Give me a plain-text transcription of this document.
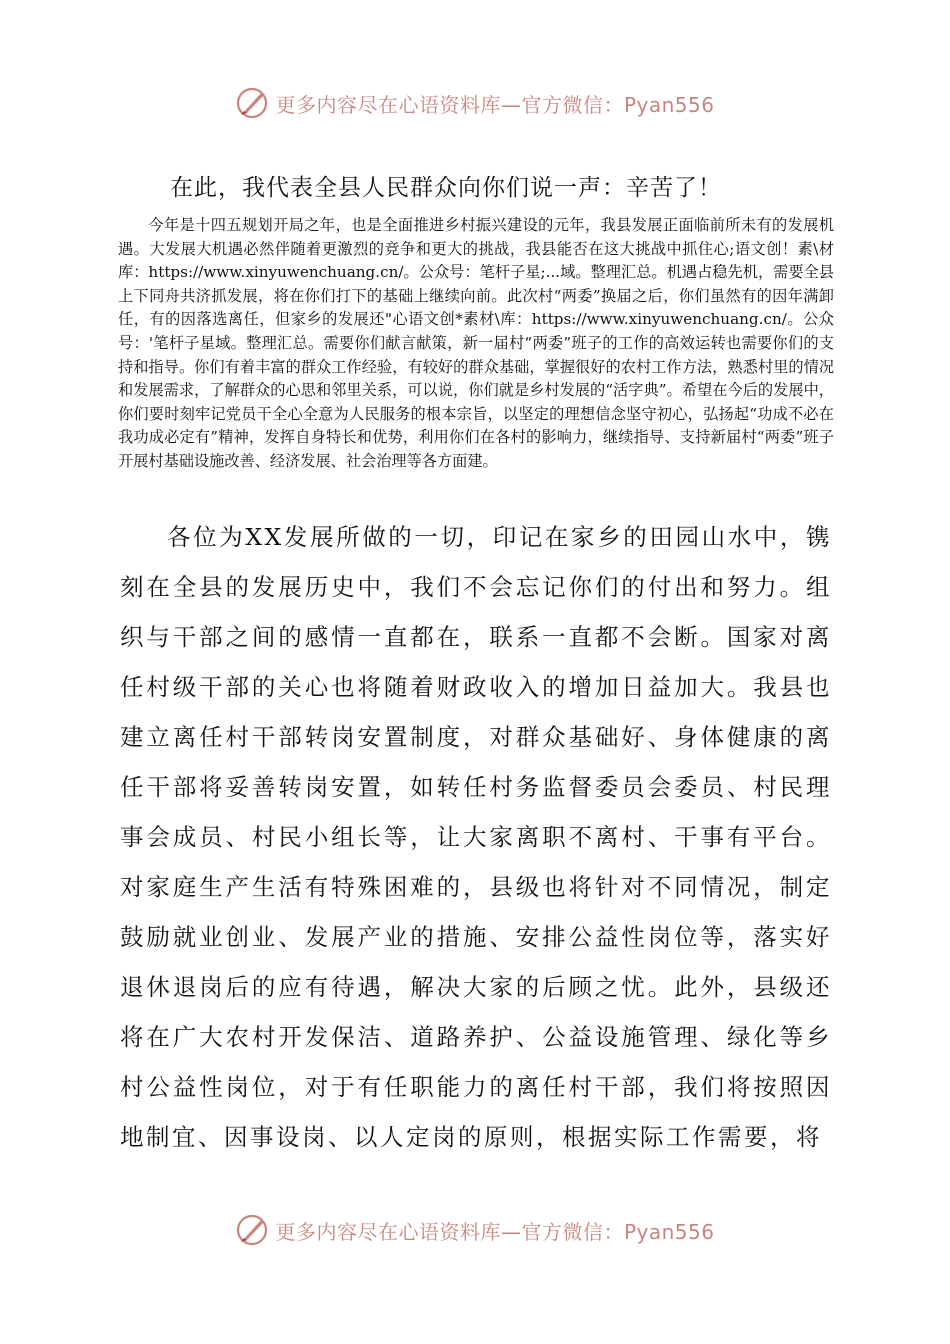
更多内容尽在心语资料库—官方微信：Pyan556
在此，我代表全县人民群众向你们说一声：辛苦了！
今年是十四五规划开局之年，也是全面推进乡村振兴建设的元年，我县发展正面临前所未有的发展机遇。大发展大机遇必然伴随着更激烈的竞争和更大的挑战，我县能否在这大挑战中抓住心;语文创！素\材库：https://www.xinyuwenchuang.cn/。公众号：笔杆子星;...域。整理汇总。机遇占稳先机，需要全县上下同舟共济抓发展，将在你们打下的基础上继续向前。此次村“两委”换届之后，你们虽然有的因年满卸任，有的因落选离任，但家乡的发展还"心语文创*素材\库：https://www.xinyuwenchuang.cn/。公众号：'笔杆子星域。整理汇总。需要你们献言献策，新一届村“两委”班子的工作的高效运转也需要你们的支持和指导。你们有着丰富的群众工作经验，有较好的群众基础，掌握很好的农村工作方法，熟悉村里的情况和发展需求，了解群众的心思和邻里关系，可以说，你们就是乡村发展的“活字典”。希望在今后的发展中，你们要时刻牢记党员干全心全意为人民服务的根本宗旨，以坚定的理想信念坚守初心，弘扬起“功成不必在我功成必定有”精神，发挥自身特长和优势，利用你们在各村的影响力，继续指导、支持新届村“两委”班子开展村基础设施改善、经济发展、社会治理等各方面建。
各位为XX发展所做的一切，印记在家乡的田园山水中，镌刻在全县的发展历史中，我们不会忘记你们的付出和努力。组织与干部之间的感情一直都在，联系一直都不会断。国家对离任村级干部的关心也将随着财政收入的增加日益加大。我县也建立离任村干部转岗安置制度，对群众基础好、身体健康的离任干部将妥善转岗安置，如转任村务监督委员会委员、村民理事会成员、村民小组长等，让大家离职不离村、干事有平台。对家庭生产生活有特殊困难的，县级也将针对不同情况，制定鼓励就业创业、发展产业的措施、安排公益性岗位等，落实好退休退岗后的应有待遇，解决大家的后顾之忧。此外，县级还将在广大农村开发保洁、道路养护、公益设施管理、绿化等乡村公益性岗位，对于有任职能力的离任村干部，我们将按照因地制宜、因事设岗、以人定岗的原则，根据实际工作需要，将
更多内容尽在心语资料库—官方微信：Pyan556
